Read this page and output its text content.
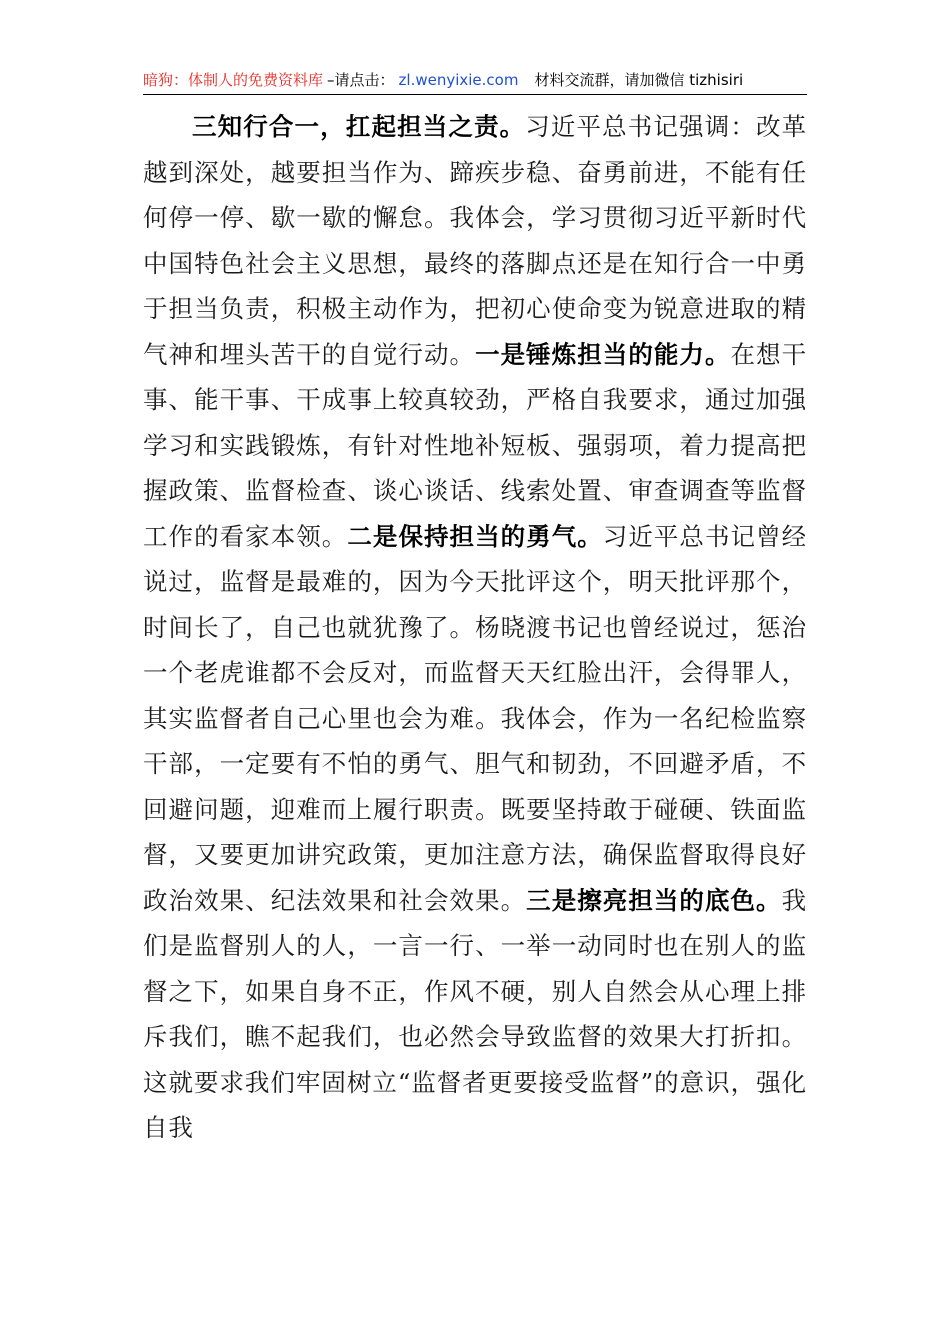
暗狗：体制人的免费资料库 –请点击： zl.wenyixie.com 材料交流群，请加微信 tizhisiri

三知行合一，扛起担当之责。习近平总书记强调：改革越到深处，越要担当作为、蹄疾步稳、奋勇前进，不能有任何停一停、歇一歇的懈怠。我体会，学习贯彻习近平新时代中国特色社会主义思想，最终的落脚点还是在知行合一中勇于担当负责，积极主动作为，把初心使命变为锐意进取的精气神和埋头苦干的自觉行动。一是锤炼担当的能力。在想干事、能干事、干成事上较真较劲，严格自我要求，通过加强学习和实践锻炼，有针对性地补短板、强弱项，着力提高把握政策、监督检查、谈心谈话、线索处置、审查调查等监督工作的看家本领。二是保持担当的勇气。习近平总书记曾经说过，监督是最难的，因为今天批评这个，明天批评那个，时间长了，自己也就犹豫了。杨晓渡书记也曾经说过，惩治一个老虎谁都不会反对，而监督天天红脸出汗，会得罪人，其实监督者自己心里也会为难。我体会，作为一名纪检监察干部，一定要有不怕的勇气、胆气和韧劲，不回避矛盾，不回避问题，迎难而上履行职责。既要坚持敢于碰硬、铁面监督，又要更加讲究政策，更加注意方法，确保监督取得良好政治效果、纪法效果和社会效果。三是擦亮担当的底色。我们是监督别人的人，一言一行、一举一动同时也在别人的监督之下，如果自身不正，作风不硬，别人自然会从心理上排斥我们，瞧不起我们，也必然会导致监督的效果大打折扣。这就要求我们牢固树立“监督者更要接受监督”的意识，强化自我
